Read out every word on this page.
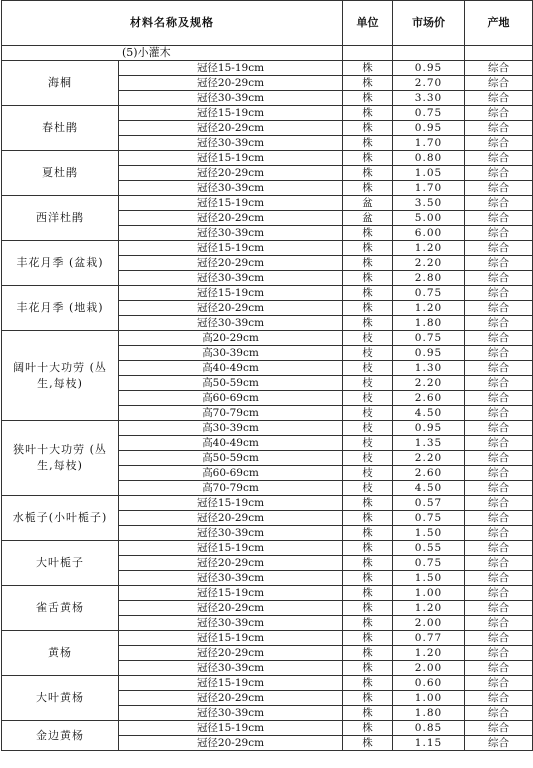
材料名称及规格		单位	市场价	产地
(5)小灌木				
海桐	冠径15-19cm	株	0.95	综合
	冠径20-29cm	株	2.70	综合
	冠径30-39cm	株	3.30	综合
春杜鹃	冠径15-19cm	株	0.75	综合
	冠径20-29cm	株	0.95	综合
	冠径30-39cm	株	1.70	综合
夏杜鹃	冠径15-19cm	株	0.80	综合
	冠径20-29cm	株	1.05	综合
	冠径30-39cm	株	1.70	综合
西洋杜鹃	冠径15-19cm	盆	3.50	综合
	冠径20-29cm	盆	5.00	综合
	冠径30-39cm	株	6.00	综合
丰花月季 (盆栽)	冠径15-19cm	株	1.20	综合
	冠径20-29cm	株	2.20	综合
	冠径30-39cm	株	2.80	综合
丰花月季 (地栽)	冠径15-19cm	株	0.75	综合
	冠径20-29cm	株	1.20	综合
	冠径30-39cm	株	1.80	综合
阔叶十大功劳 (丛生,每枝)	高20-29cm	枝	0.75	综合
	高30-39cm	枝	0.95	综合
	高40-49cm	枝	1.30	综合
	高50-59cm	枝	2.20	综合
	高60-69cm	枝	2.60	综合
	高70-79cm	枝	4.50	综合
狭叶十大功劳 (丛生,每枝)	高30-39cm	枝	0.95	综合
	高40-49cm	枝	1.35	综合
	高50-59cm	枝	2.20	综合
	高60-69cm	枝	2.60	综合
	高70-79cm	枝	4.50	综合
水栀子(小叶栀子)	冠径15-19cm	株	0.57	综合
	冠径20-29cm	株	0.75	综合
	冠径30-39cm	株	1.50	综合
大叶栀子	冠径15-19cm	株	0.55	综合
	冠径20-29cm	株	0.75	综合
	冠径30-39cm	株	1.50	综合
雀舌黄杨	冠径15-19cm	株	1.00	综合
	冠径20-29cm	株	1.20	综合
	冠径30-39cm	株	2.00	综合
黄杨	冠径15-19cm	株	0.77	综合
	冠径20-29cm	株	1.20	综合
	冠径30-39cm	株	2.00	综合
大叶黄杨	冠径15-19cm	株	0.60	综合
	冠径20-29cm	株	1.00	综合
	冠径30-39cm	株	1.80	综合
金边黄杨	冠径15-19cm	株	0.85	综合
	冠径20-29cm	株	1.15	综合
